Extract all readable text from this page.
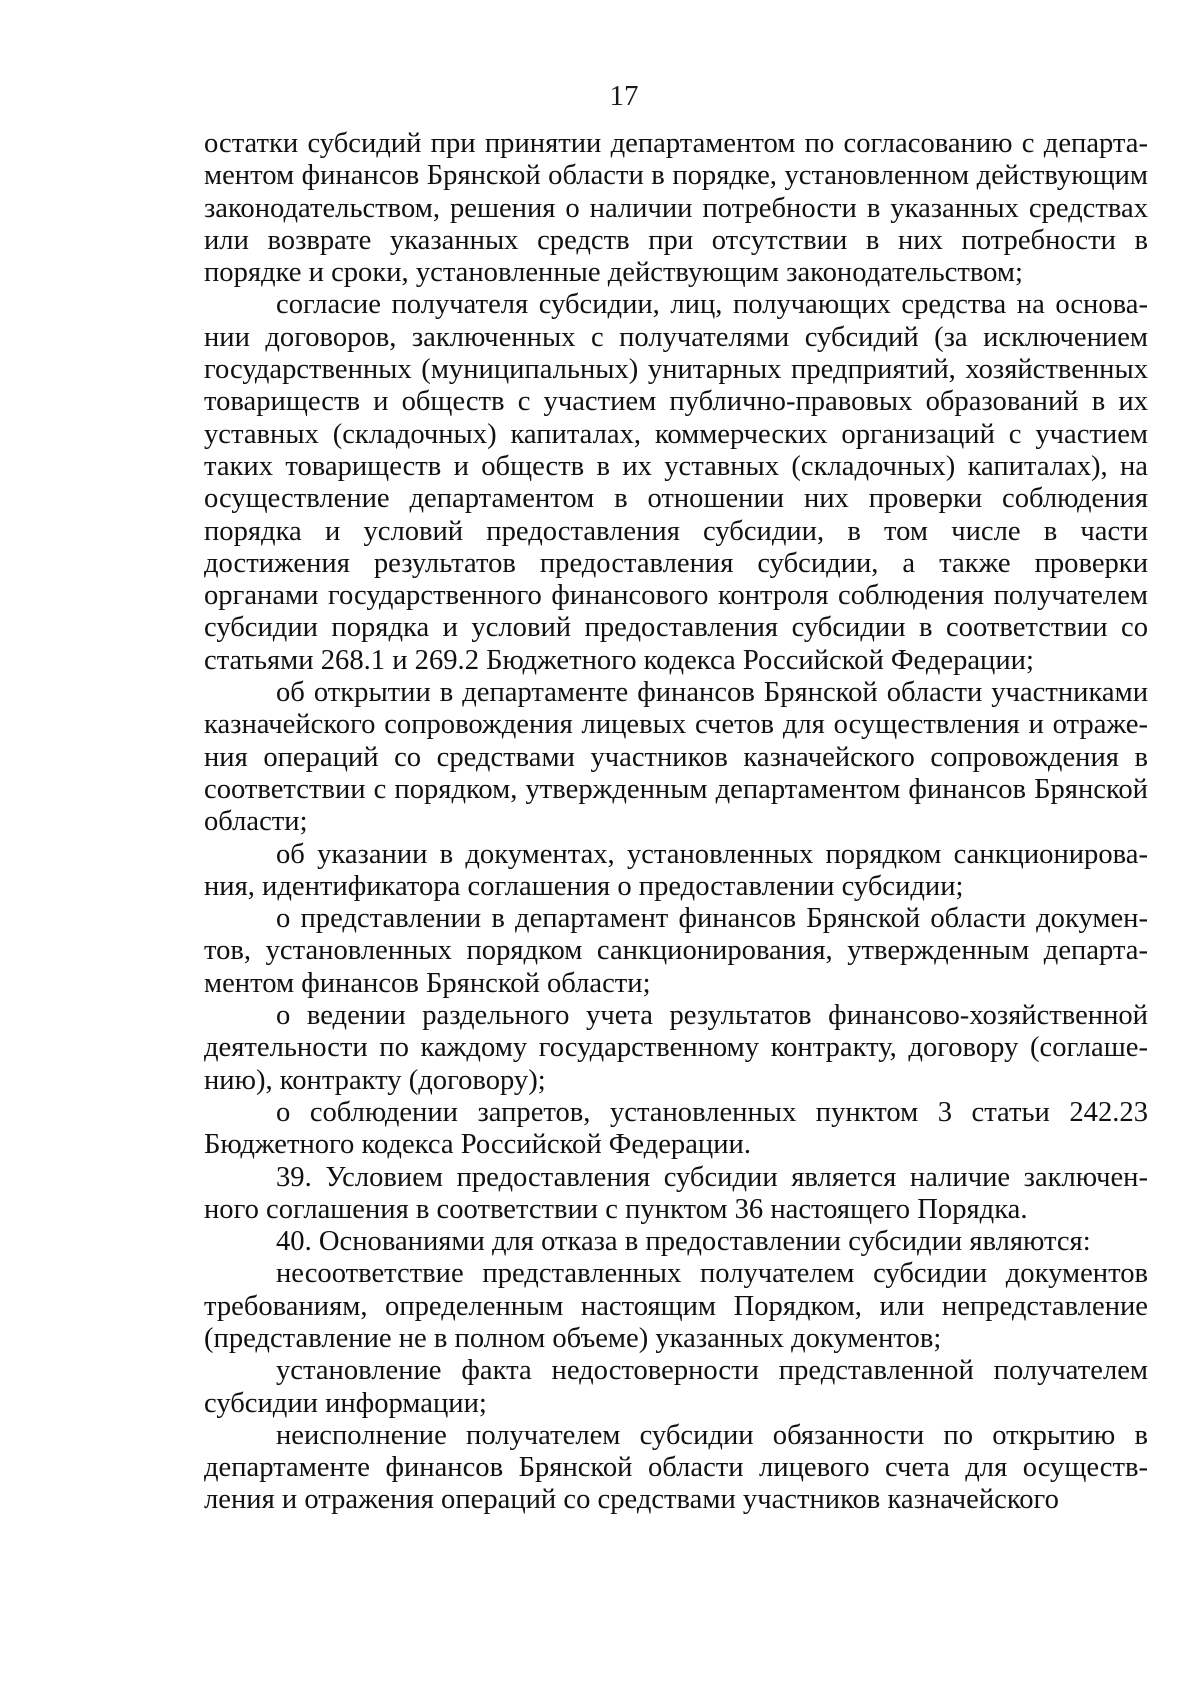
17

остатки субсидий при принятии департаментом по согласованию с департаментом финансов Брянской области в порядке, установленном действующим законодательством, решения о наличии потребности в указанных средствах или возврате указанных средств при отсутствии в них потребности в порядке и сроки, установленные действующим законодательством;

согласие получателя субсидии, лиц, получающих средства на основании договоров, заключенных с получателями субсидий (за исключением государственных (муниципальных) унитарных предприятий, хозяйственных товариществ и обществ с участием публично-правовых образований в их уставных (складочных) капиталах, коммерческих организаций с участием таких товариществ и обществ в их уставных (складочных) капиталах), на осуществление департаментом в отношении них проверки соблюдения порядка и условий предоставления субсидии, в том числе в части достижения результатов предоставления субсидии, а также проверки органами государственного финансового контроля соблюдения получателем субсидии порядка и условий предоставления субсидии в соответствии со статьями 268.1 и 269.2 Бюджетного кодекса Российской Федерации;

об открытии в департаменте финансов Брянской области участниками казначейского сопровождения лицевых счетов для осуществления и отражения операций со средствами участников казначейского сопровождения в соответствии с порядком, утвержденным департаментом финансов Брянской области;

об указании в документах, установленных порядком санкционирования, идентификатора соглашения о предоставлении субсидии;

о представлении в департамент финансов Брянской области документов, установленных порядком санкционирования, утвержденным департаментом финансов Брянской области;

о ведении раздельного учета результатов финансово-хозяйственной деятельности по каждому государственному контракту, договору (соглашению), контракту (договору);

о соблюдении запретов, установленных пунктом 3 статьи 242.23 Бюджетного кодекса Российской Федерации.

39. Условием предоставления субсидии является наличие заключенного соглашения в соответствии с пунктом 36 настоящего Порядка.

40. Основаниями для отказа в предоставлении субсидии являются:

несоответствие представленных получателем субсидии документов требованиям, определенным настоящим Порядком, или непредставление (представление не в полном объеме) указанных документов;

установление факта недостоверности представленной получателем субсидии информации;

неисполнение получателем субсидии обязанности по открытию в департаменте финансов Брянской области лицевого счета для осуществления и отражения операций со средствами участников казначейского
